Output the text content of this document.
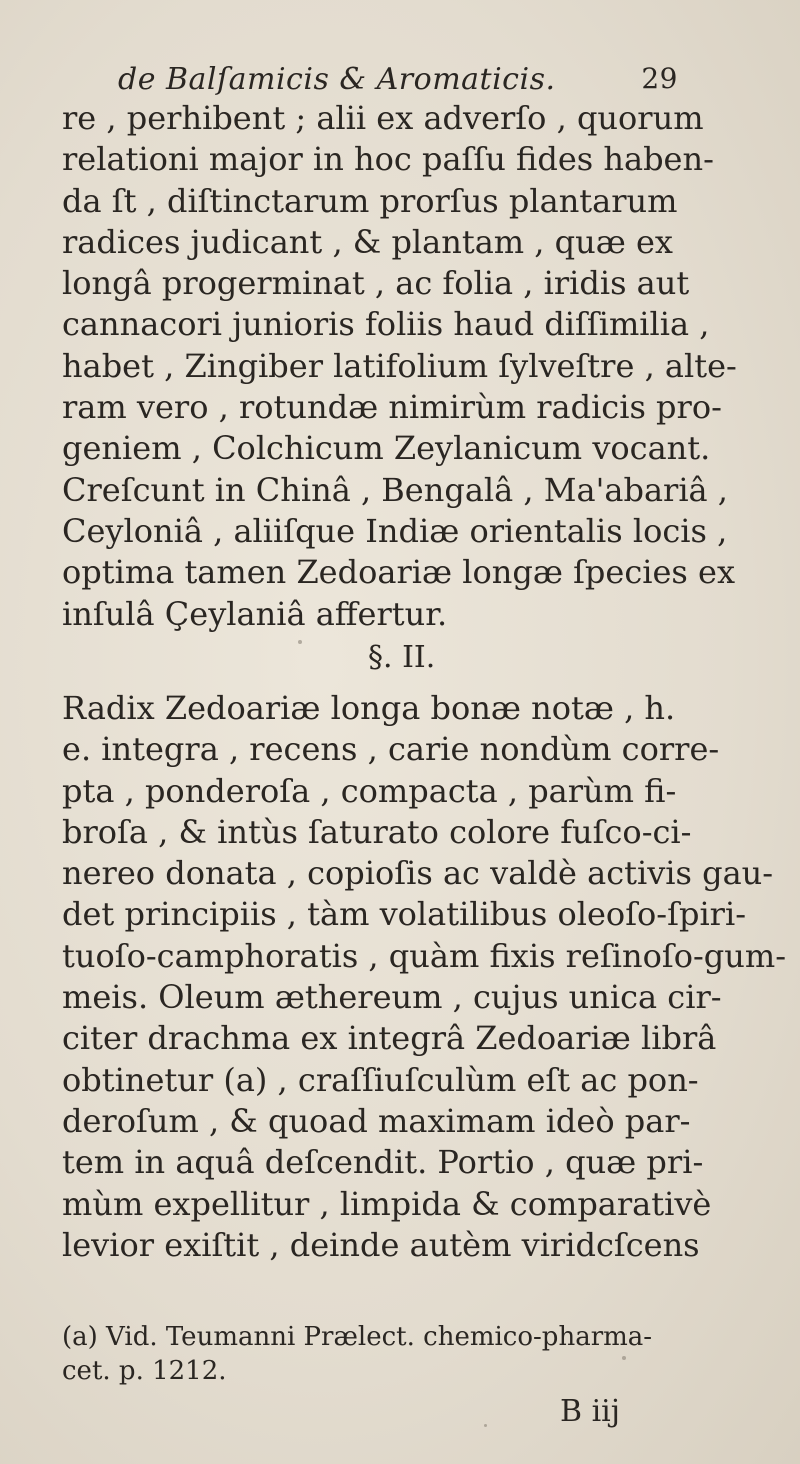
de Balſamicis & Aromaticis.	29
re , perhibent ; alii ex adverſo , quorum
relationi major in hoc paſſu fides haben-
da ſt , diſtinctarum prorſus plantarum
radices judicant , & plantam , quæ ex
longâ progerminat , ac folia , iridis aut
cannacori junioris foliis haud diſſimilia ,
habet , Zingiber latifolium ſylveſtre , alte-
ram vero , rotundæ nimirùm radicis pro-
geniem , Colchicum Zeylanicum vocant.
Creſcunt in Chinâ , Bengalâ , Ma'abariâ ,
Ceyloniâ , aliiſque Indiæ orientalis locis ,
optima tamen Zedoariæ longæ ſpecies ex
inſulâ Çeylaniâ affertur.
§. II.
Radix Zedoariæ longa bonæ notæ , h.
e. integra , recens , carie nondùm corre-
pta , ponderoſa , compacta , parùm fi-
broſa , & intùs ſaturato colore fuſco-ci-
nereo donata , copioſis ac valdè activis gau-
det principiis , tàm volatilibus oleoſo-ſpiri-
tuoſo-camphoratis , quàm fixis reſinoſo-gum-
meis. Oleum æthereum , cujus unica cir-
citer drachma ex integrâ Zedoariæ librâ
obtinetur (a) , craſſiuſculùm eſt ac pon-
deroſum , & quoad maximam ideò par-
tem in aquâ deſcendit. Portio , quæ pri-
mùm expellitur , limpida & comparativè
levior exiſtit , deinde autèm viridcſcens
(a) Vid. Teumanni Prælect. chemico-pharma-
cet. p. 1212.
B iij
